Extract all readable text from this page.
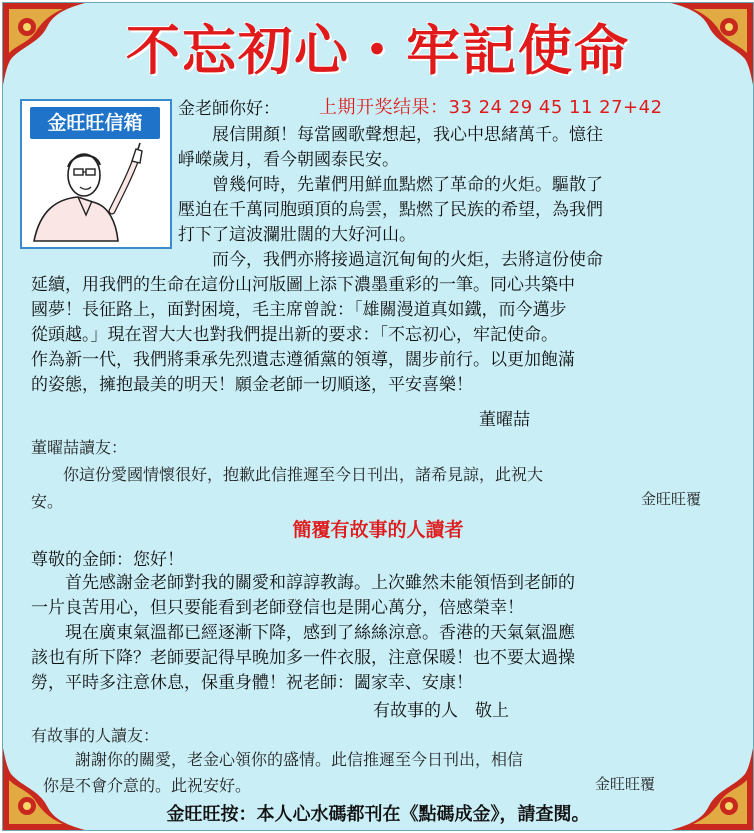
不忘初心・牢記使命
金旺旺信箱
金老師你好： 上期开奖结果：33 24 29 45 11 27+42
　　展信開顏！每當國歌聲想起，我心中思緒萬千。憶往
崢嶸歲月，看今朝國泰民安。
　　曾幾何時，先輩們用鮮血點燃了革命的火炬。驅散了
壓迫在千萬同胞頭頂的烏雲，點燃了民族的希望，為我們
打下了這波瀾壯闊的大好河山。
　　而今，我們亦將接過這沉甸甸的火炬，去將這份使命
延續，用我們的生命在這份山河版圖上添下濃墨重彩的一筆。同心共築中
國夢！長征路上，面對困境，毛主席曾說：「雄關漫道真如鐵，而今邁步
從頭越。」現在習大大也對我們提出新的要求：「不忘初心，牢記使命。
作為新一代，我們將秉承先烈遺志遵循黨的領導，闊步前行。以更加飽滿
的姿態，擁抱最美的明天！願金老師一切順遂，平安喜樂！
董曜喆
董曜喆讀友：
　　你這份愛國情懷很好，抱歉此信推遲至今日刊出，諸希見諒，此祝大
安。	金旺旺覆
簡覆有故事的人讀者
尊敬的金師：您好！
　　首先感謝金老師對我的關愛和諄諄教誨。上次雖然未能領悟到老師的
一片良苦用心，但只要能看到老師登信也是開心萬分，倍感榮幸！
　　現在廣東氣溫都已經逐漸下降，感到了絲絲涼意。香港的天氣氣溫應
該也有所下降？老師要記得早晚加多一件衣服，注意保暖！也不要太過操
勞，平時多注意休息，保重身體！祝老師：闔家幸、安康！
有故事的人　敬上
有故事的人讀友：
　　謝謝你的關愛，老金心領你的盛情。此信推遲至今日刊出，相信
你是不會介意的。此祝安好。	金旺旺覆
金旺旺按：本人心水碼都刊在《點碼成金》，請查閱。
